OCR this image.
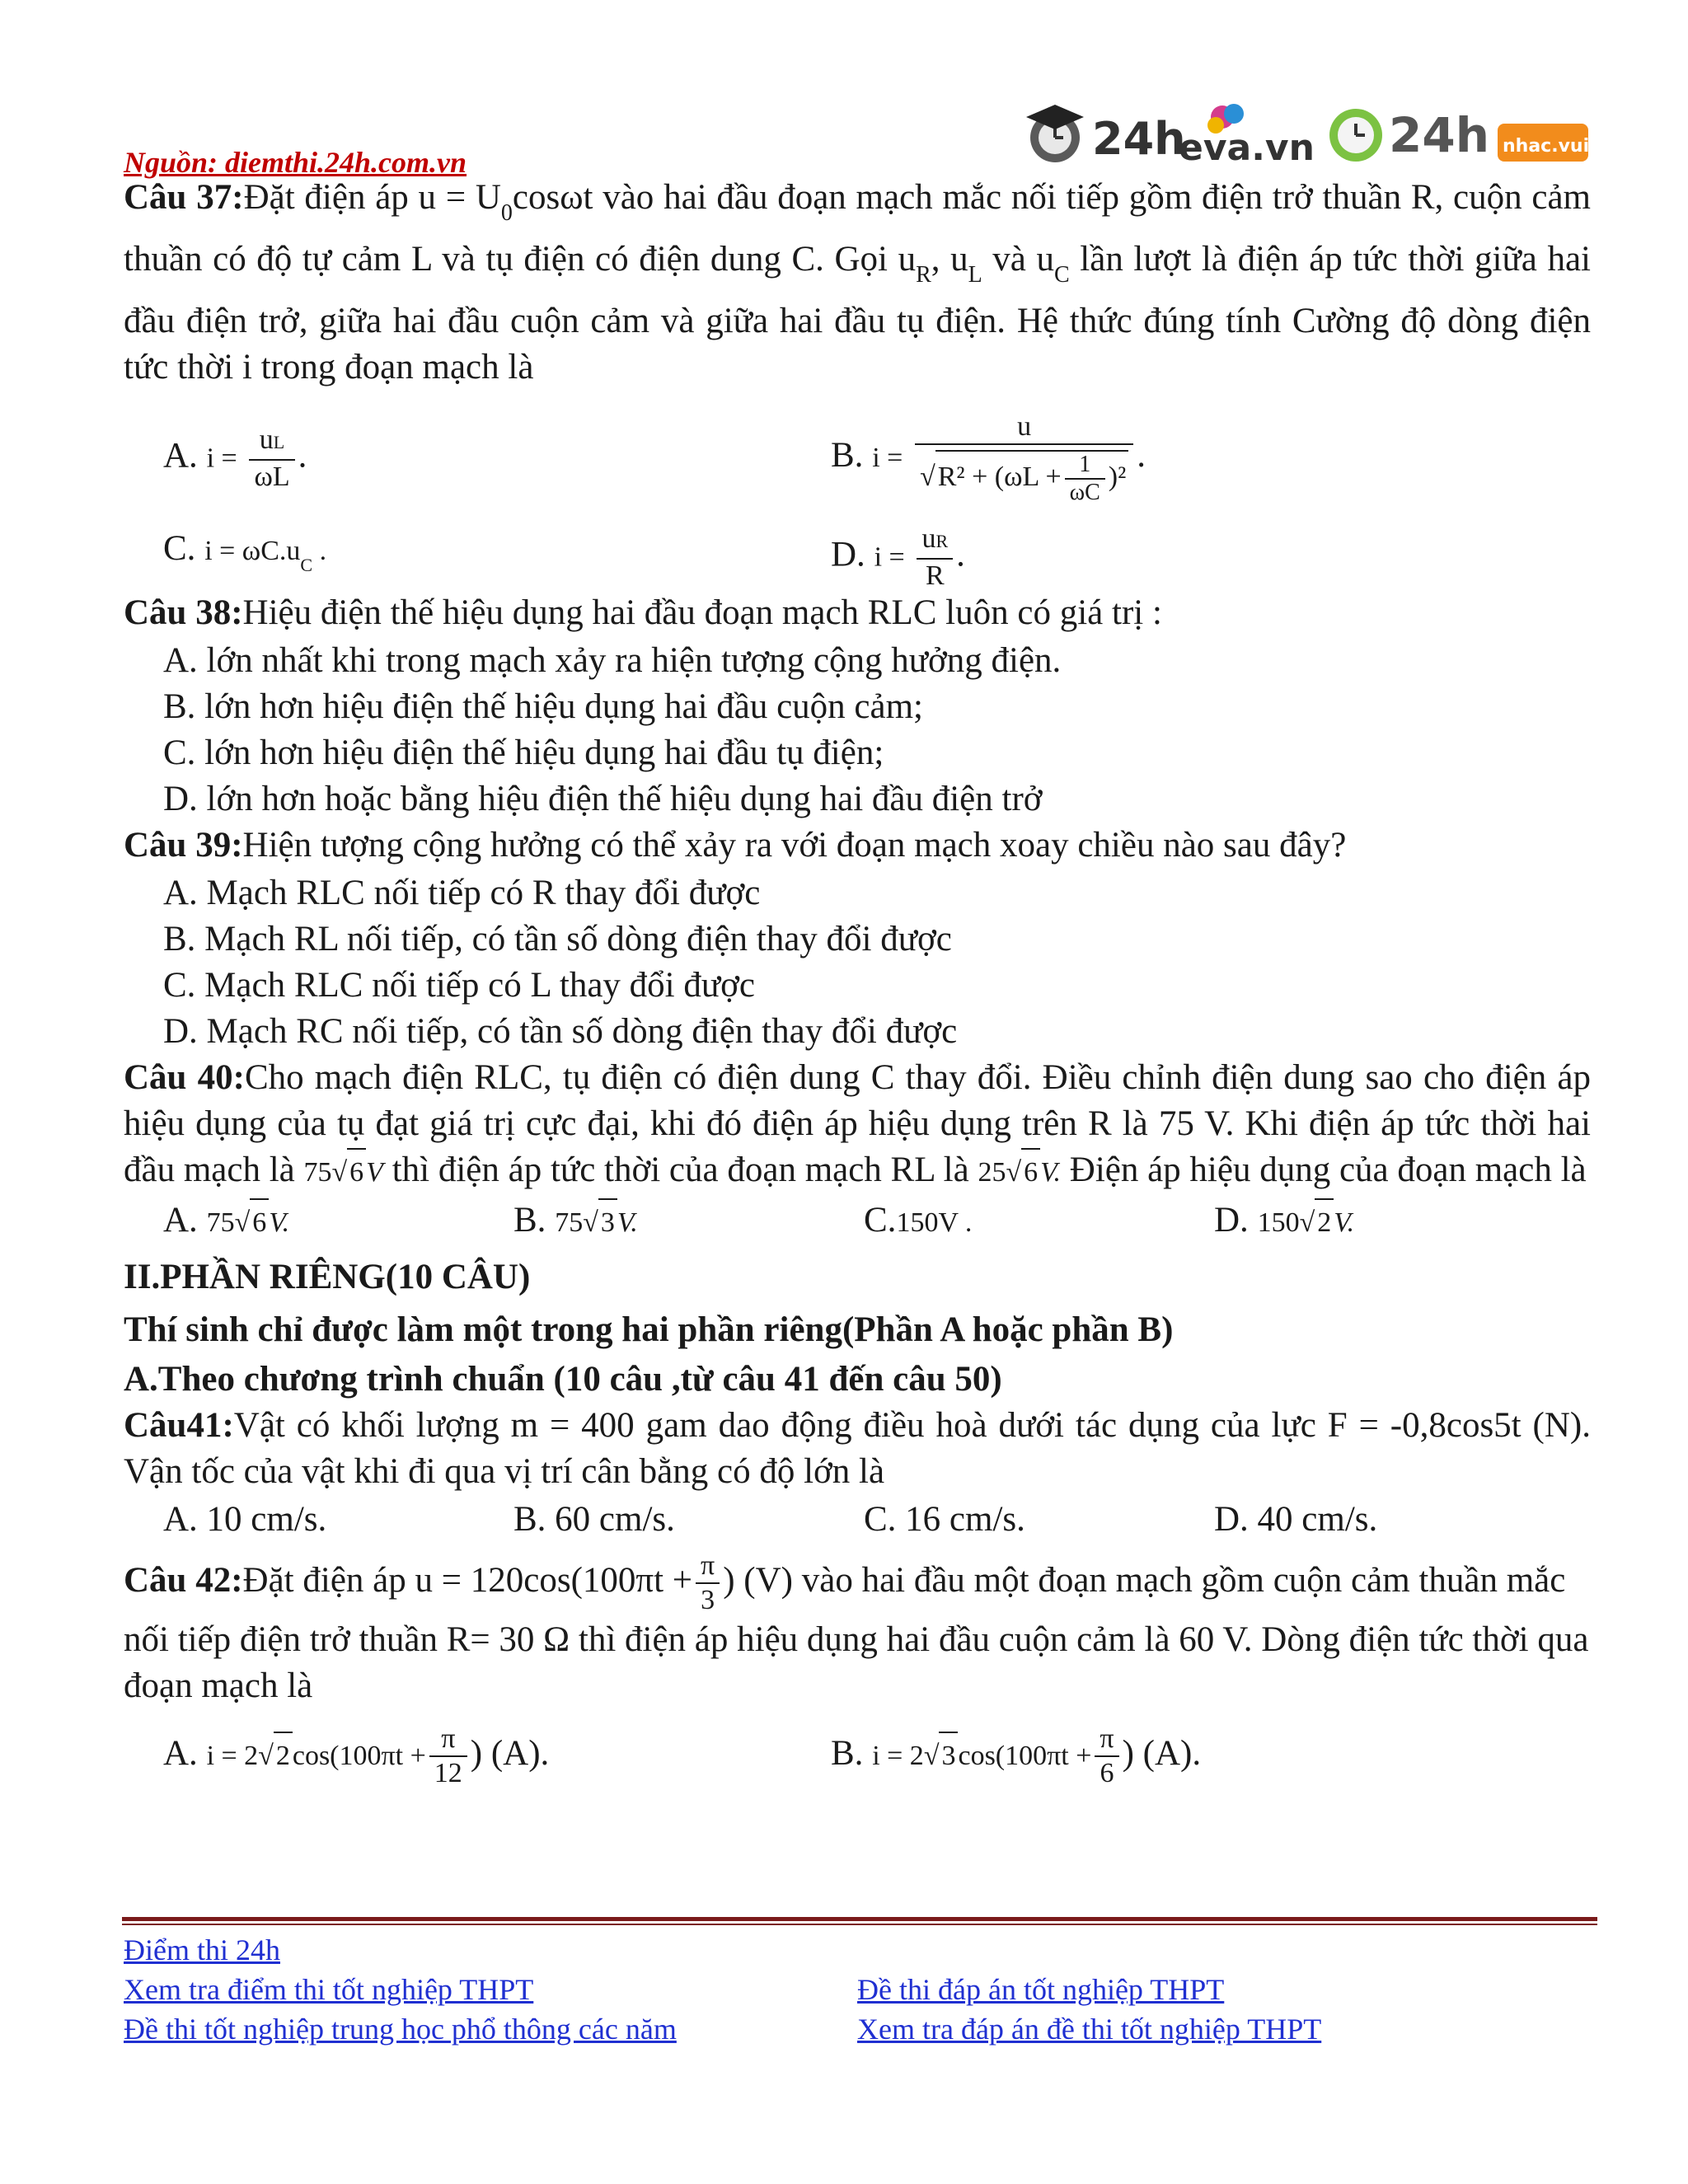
Nguồn: diemthi.24h.com.vn	24h
eva.vn 24h nhac.vui.vn
Câu 37:Đặt điện áp $u = U_0\cos\omega t$ vào hai đầu đoạn mạch mắc nối tiếp gồm điện trở thuần R, cuộn cảm thuần có độ tự cảm L và tụ điện có điện dung C. Gọi $u_R$, $u_L$ và $u_C$ lần lượt là điện áp tức thời giữa hai đầu điện trở, giữa hai đầu cuộn cảm và giữa hai đầu tụ điện. Hệ thức đúng tính Cường độ dòng điện tức thời i trong đoạn mạch là
A. $i = \frac{uL}{\omega L}$ .	B. $i = \frac{u}{√R^2 + (\omega L + \frac{1}{\omega C} )^2}$ .
C. $i = \omega C.u_C$ .	D. $i = \frac{uR}{R}$ .
Câu 38:Hiệu điện thế hiệu dụng hai đầu đoạn mạch RLC luôn có giá trị :
A. lớn nhất khi trong mạch xảy ra hiện tượng cộng hưởng điện.
B. lớn hơn hiệu điện thế hiệu dụng hai đầu cuộn cảm;
C. lớn hơn hiệu điện thế hiệu dụng hai đầu tụ điện;
D. lớn hơn hoặc bằng hiệu điện thế hiệu dụng hai đầu điện trở
Câu 39:Hiện tượng cộng hưởng có thể xảy ra với đoạn mạch xoay chiều nào sau đây?
A. Mạch RLC nối tiếp có R thay đổi được
B. Mạch RL nối tiếp, có tần số dòng điện thay đổi được
C. Mạch RLC nối tiếp có L thay đổi được
D. Mạch RC nối tiếp, có tần số dòng điện thay đổi được
Câu 40:Cho mạch điện RLC, tụ điện có điện dung C thay đổi. Điều chỉnh điện dung sao cho điện áp hiệu dụng của tụ đạt giá trị cực đại, khi đó điện áp hiệu dụng trên R là 75 V. Khi điện áp tức thời hai đầu mạch là 75√6V thì điện áp tức thời của đoạn mạch RL là 25√6V. Điện áp hiệu dụng của đoạn mạch là
A. 75√6V.	B. 75√3V.	C.150V .	D. 150√2V.
II.PHẦN RIÊNG(10 CÂU)
Thí sinh chỉ được làm một trong hai phần riêng(Phần A hoặc phần B)
A.Theo chương trình chuẩn (10 câu ,từ câu 41 đến câu 50)
Câu41:Vật có khối lượng m = 400 gam dao động điều hoà dưới tác dụng của lực F = -0,8cos5t (N). Vận tốc của vật khi đi qua vị trí cân bằng có độ lớn là
A. 10 cm/s.	B. 60 cm/s.	C. 16 cm/s.	D. 40 cm/s.
Câu 42:Đặt điện áp $u = 120\cos(100\pi t + \frac{\pi}{3}$ ) (V) vào hai đầu một đoạn mạch gồm cuộn cảm thuần mắc nối tiếp điện trở thuần R= 30 Ω thì điện áp hiệu dụng hai đầu cuộn cảm là 60 V. Dòng điện tức thời qua đoạn mạch là
A. $i = 2√2\cos(100\pi t + \frac{\pi}{12}$ ) (A).	B. $i = 2√3\cos(100\pi t + \frac{\pi}{6}$ ) (A).
Điểm thi 24h
Xem tra điểm thi tốt nghiệp THPT	Đề thi đáp án tốt nghiệp THPT
Đề thi tốt nghiệp trung học phổ thông các năm	Xem tra đáp án đề thi tốt nghiệp THPT
